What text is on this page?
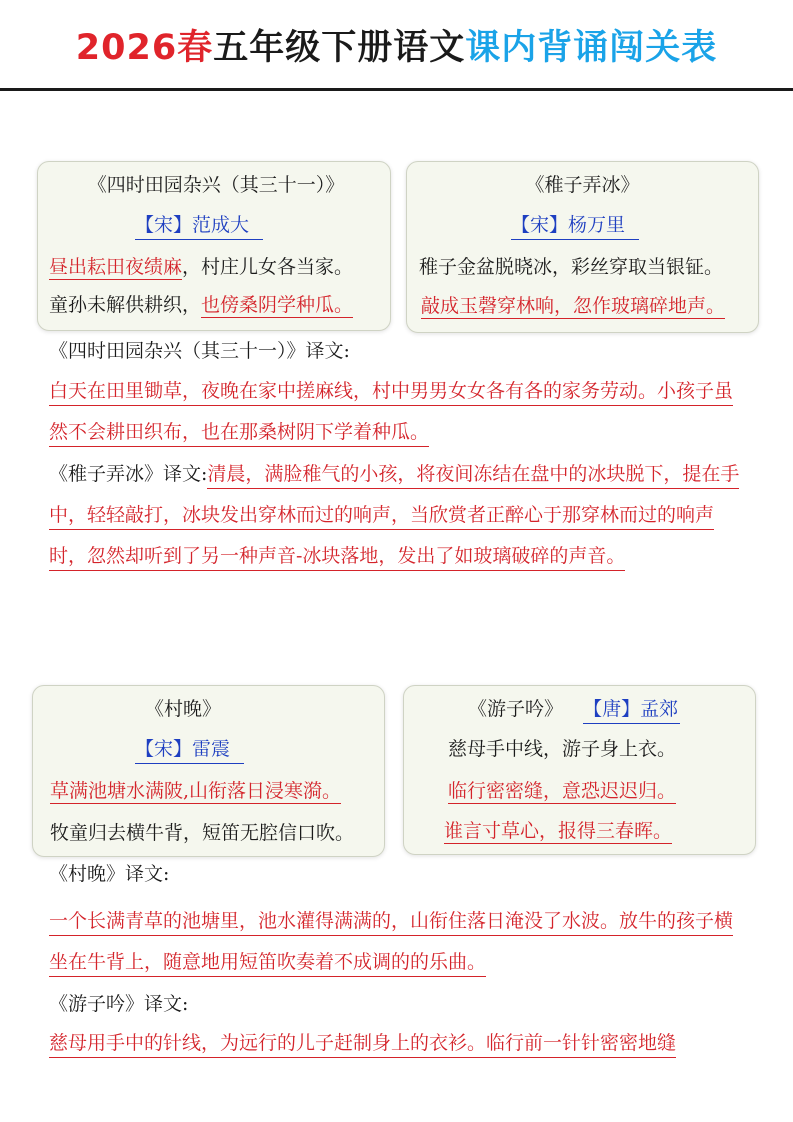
2026春五年级下册语文课内背诵闯关表
《四时田园杂兴（其三十一）》
【宋】范成大
昼出耘田夜绩麻，村庄儿女各当家。
童孙未解供耕织，也傍桑阴学种瓜。
《稚子弄冰》
【宋】杨万里
稚子金盆脱晓冰，彩丝穿取当银钲。
敲成玉磬穿林响，忽作玻璃碎地声。
《四时田园杂兴（其三十一）》译文:
白天在田里锄草，夜晚在家中搓麻线，村中男男女女各有各的家务劳动。小孩子虽然不会耕田织布，也在那桑树阴下学着种瓜。
《稚子弄冰》译文:清晨，满脸稚气的小孩，将夜间冻结在盘中的冰块脱下，提在手中，轻轻敲打，冰块发出穿林而过的响声，当欣赏者正醉心于那穿林而过的响声时，忽然却听到了另一种声音-冰块落地，发出了如玻璃破碎的声音。
《村晚》
【宋】雷震
草满池塘水满陂,山衔落日浸寒漪。
牧童归去横牛背，短笛无腔信口吹。
《游子吟》 【唐】孟郊
慈母手中线，游子身上衣。
临行密密缝，意恐迟迟归。
谁言寸草心，报得三春晖。
《村晚》译文:
一个长满青草的池塘里，池水灌得满满的，山衔住落日淹没了水波。放牛的孩子横坐在牛背上，随意地用短笛吹奏着不成调的的乐曲。
《游子吟》译文:
慈母用手中的针线，为远行的儿子赶制身上的衣衫。临行前一针针密密地缝
